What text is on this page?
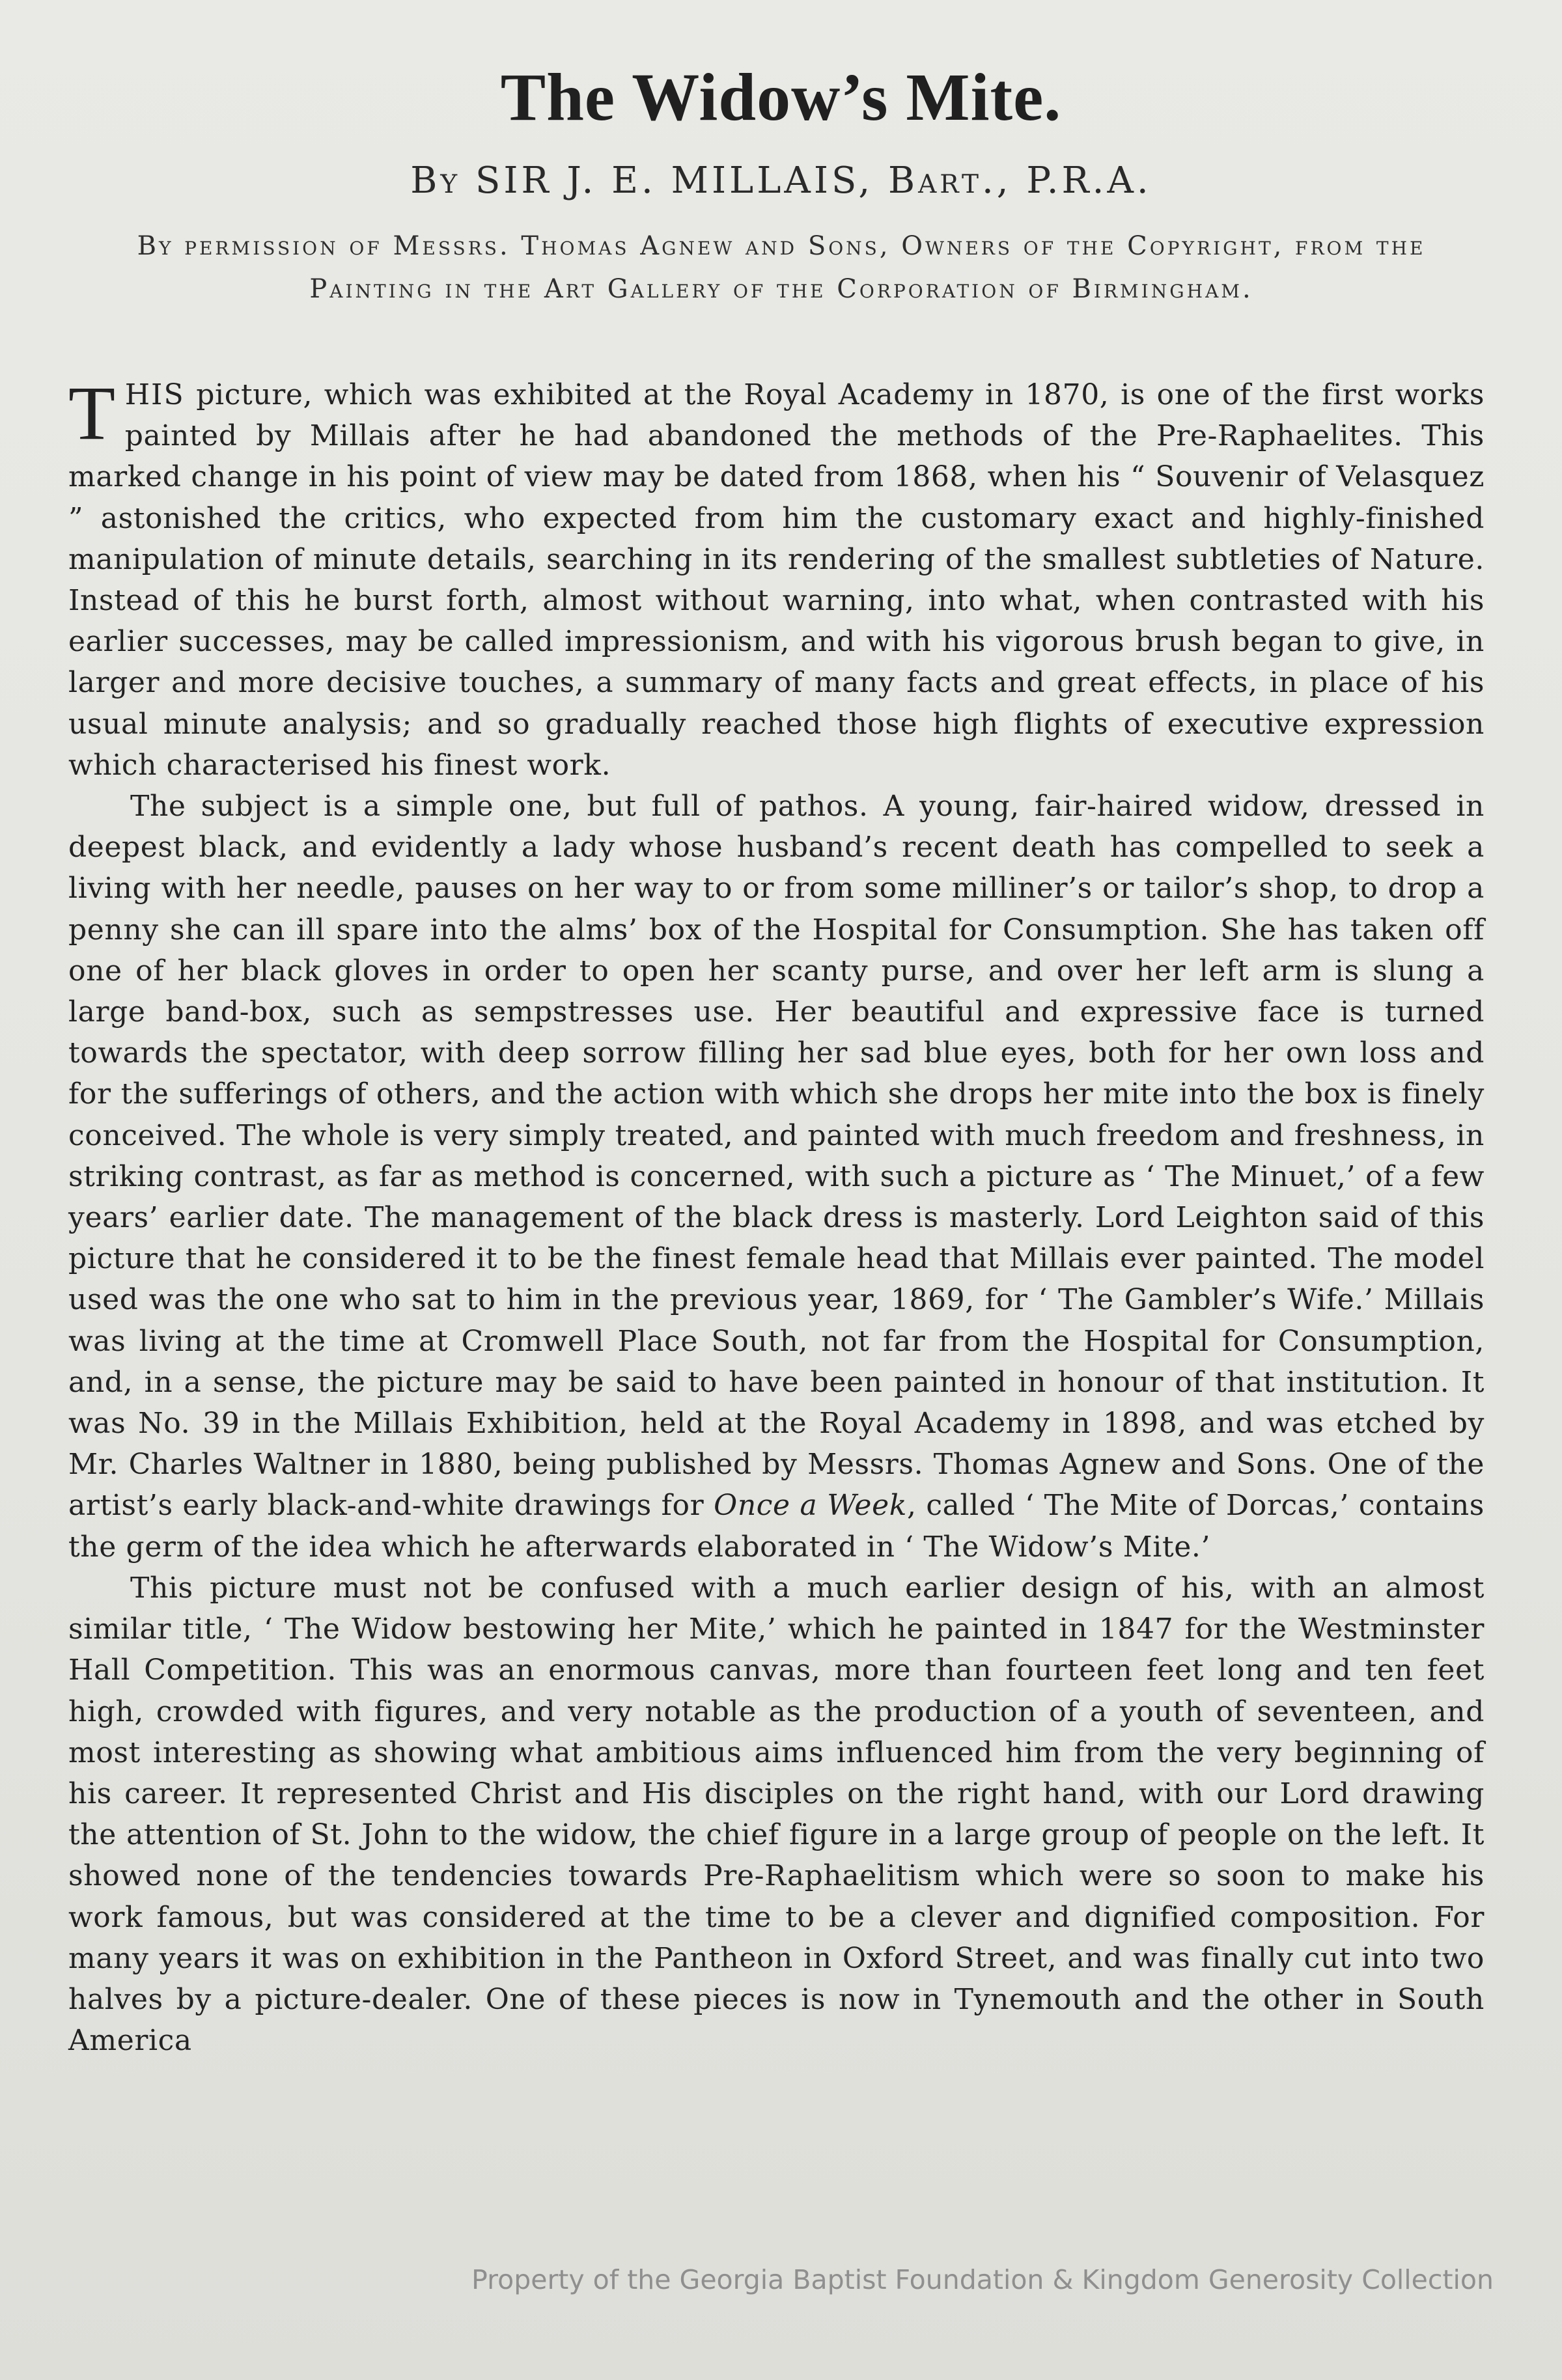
The Widow’s Mite.
By SIR J. E. MILLAIS, Bart., P.R.A.
By permission of Messrs. Thomas Agnew and Sons, Owners of the Copyright, from the Painting in the Art Gallery of the Corporation of Birmingham.

THIS picture, which was exhibited at the Royal Academy in 1870, is one of the first works painted by Millais after he had abandoned the methods of the Pre-Raphaelites. This marked change in his point of view may be dated from 1868, when his “ Souvenir of Velasquez ” astonished the critics, who expected from him the customary exact and highly-finished manipulation of minute details, searching in its rendering of the smallest subtleties of Nature. Instead of this he burst forth, almost without warning, into what, when contrasted with his earlier successes, may be called impressionism, and with his vigorous brush began to give, in larger and more decisive touches, a summary of many facts and great effects, in place of his usual minute analysis; and so gradually reached those high flights of executive expression which characterised his finest work.

The subject is a simple one, but full of pathos. A young, fair-haired widow, dressed in deepest black, and evidently a lady whose husband’s recent death has compelled to seek a living with her needle, pauses on her way to or from some milliner’s or tailor’s shop, to drop a penny she can ill spare into the alms’ box of the Hospital for Consumption. She has taken off one of her black gloves in order to open her scanty purse, and over her left arm is slung a large band-box, such as sempstresses use. Her beautiful and expressive face is turned towards the spectator, with deep sorrow filling her sad blue eyes, both for her own loss and for the sufferings of others, and the action with which she drops her mite into the box is finely conceived. The whole is very simply treated, and painted with much freedom and freshness, in striking contrast, as far as method is concerned, with such a picture as ‘ The Minuet,’ of a few years’ earlier date. The management of the black dress is masterly. Lord Leighton said of this picture that he considered it to be the finest female head that Millais ever painted. The model used was the one who sat to him in the previous year, 1869, for ‘ The Gambler’s Wife.’ Millais was living at the time at Cromwell Place South, not far from the Hospital for Consumption, and, in a sense, the picture may be said to have been painted in honour of that institution. It was No. 39 in the Millais Exhibition, held at the Royal Academy in 1898, and was etched by Mr. Charles Waltner in 1880, being published by Messrs. Thomas Agnew and Sons. One of the artist’s early black-and-white drawings for Once a Week, called ‘ The Mite of Dorcas,’ contains the germ of the idea which he afterwards elaborated in ‘ The Widow’s Mite.’

This picture must not be confused with a much earlier design of his, with an almost similar title, ‘ The Widow bestowing her Mite,’ which he painted in 1847 for the Westminster Hall Competition. This was an enormous canvas, more than fourteen feet long and ten feet high, crowded with figures, and very notable as the production of a youth of seventeen, and most interesting as showing what ambitious aims influenced him from the very beginning of his career. It represented Christ and His disciples on the right hand, with our Lord drawing the attention of St. John to the widow, the chief figure in a large group of people on the left. It showed none of the tendencies towards Pre-Raphaelitism which were so soon to make his work famous, but was considered at the time to be a clever and dignified composition. For many years it was on exhibition in the Pantheon in Oxford Street, and was finally cut into two halves by a picture-dealer. One of these pieces is now in Tynemouth and the other in South America

Property of the Georgia Baptist Foundation & Kingdom Generosity Collection
